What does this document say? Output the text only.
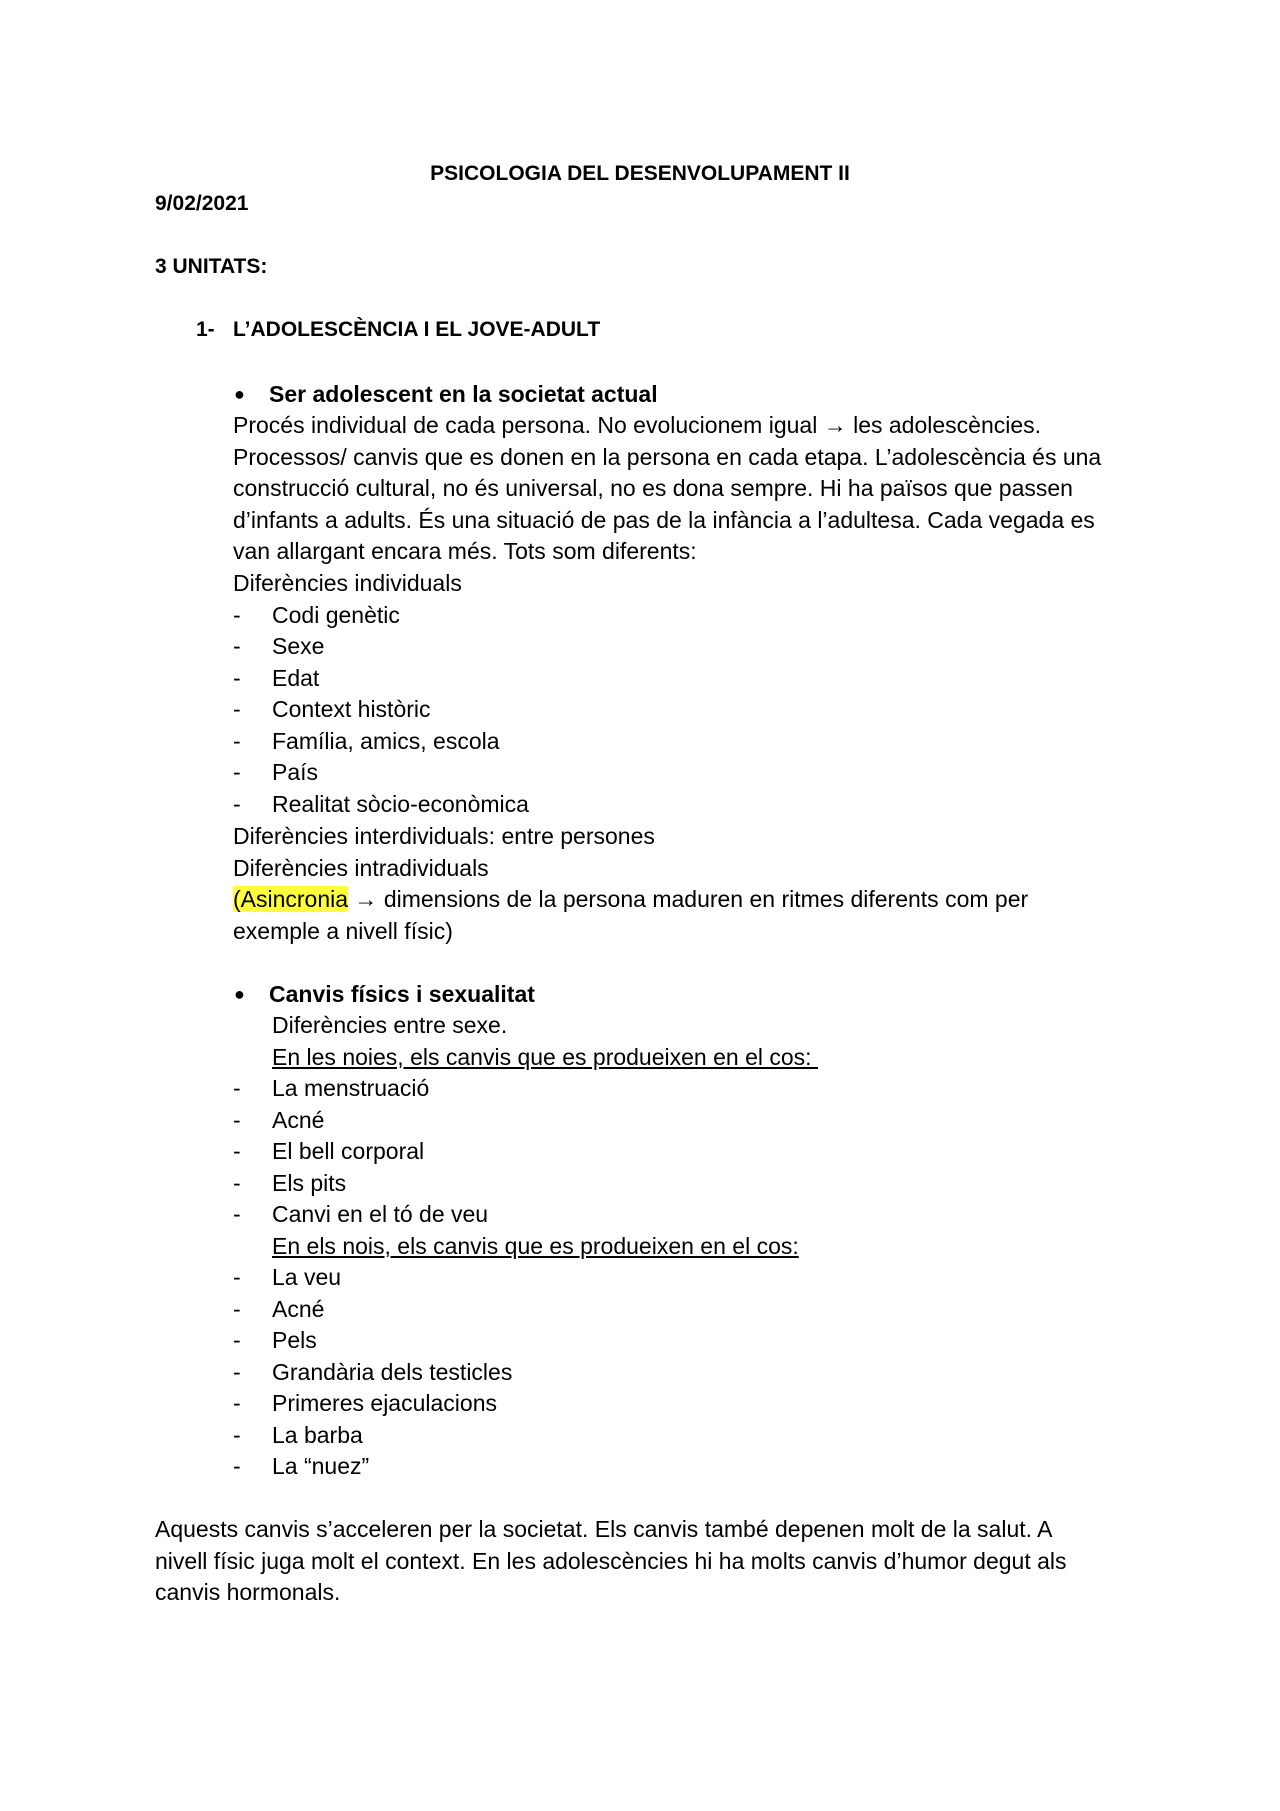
PSICOLOGIA DEL DESENVOLUPAMENT II
9/02/2021
3 UNITATS:
1- L’ADOLESCÈNCIA I EL JOVE-ADULT
● Ser adolescent en la societat actual
Procés individual de cada persona. No evolucionem igual → les adolescències.
Processos/ canvis que es donen en la persona en cada etapa. L’adolescència és una
construcció cultural, no és universal, no es dona sempre. Hi ha països que passen
d’infants a adults. És una situació de pas de la infància a l’adultesa. Cada vegada es
van allargant encara més. Tots som diferents:
Diferències individuals
- Codi genètic
- Sexe
- Edat
- Context històric
- Família, amics, escola
- País
- Realitat sòcio-econòmica
Diferències interdividuals: entre persones
Diferències intradividuals
(Asincronia → dimensions de la persona maduren en ritmes diferents com per
exemple a nivell físic)
● Canvis físics i sexualitat
Diferències entre sexe.
En les noies, els canvis que es produeixen en el cos:
- La menstruació
- Acné
- El bell corporal
- Els pits
- Canvi en el tó de veu
En els nois, els canvis que es produeixen en el cos:
- La veu
- Acné
- Pels
- Grandària dels testicles
- Primeres ejaculacions
- La barba
- La “nuez”
Aquests canvis s’acceleren per la societat. Els canvis també depenen molt de la salut. A
nivell físic juga molt el context. En les adolescències hi ha molts canvis d’humor degut als
canvis hormonals.
